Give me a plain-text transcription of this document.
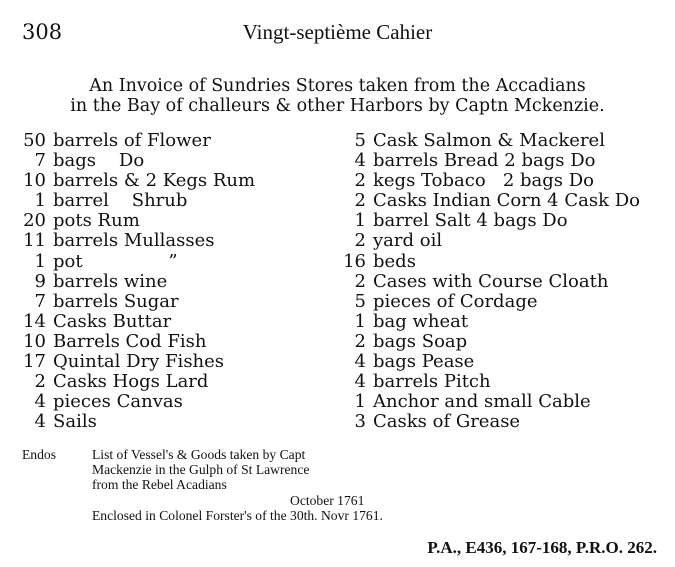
308	Vingt-septième Cahier
An Invoice of Sundries Stores taken from the Accadians
in the Bay of challeurs & other Harbors by Captn Mckenzie.
50 barrels of Flower
7 bags    Do
10 barrels & 2 Kegs Rum
1 barrel    Shrub
20 pots Rum
11 barrels Mullasses
1 pot               ”
9 barrels wine
7 barrels Sugar
14 Casks Buttar
10 Barrels Cod Fish
17 Quintal Dry Fishes
2 Casks Hogs Lard
4 pieces Canvas
4 Sails
5 Cask Salmon & Mackerel
4 barrels Bread 2 bags Do
2 kegs Tobaco   2 bags Do
2 Casks Indian Corn 4 Cask Do
1 barrel Salt 4 bags Do
2 yard oil
16 beds
2 Cases with Course Cloath
5 pieces of Cordage
1 bag wheat
2 bags Soap
4 bags Pease
4 barrels Pitch
1 Anchor and small Cable
3 Casks of Grease
Endos	List of Vessel's & Goods taken by Capt
Mackenzie in the Gulph of St Lawrence
from the Rebel Acadians
October 1761
Enclosed in Colonel Forster's of the 30th. Novr 1761.
P.A., E436, 167-168, P.R.O. 262.
